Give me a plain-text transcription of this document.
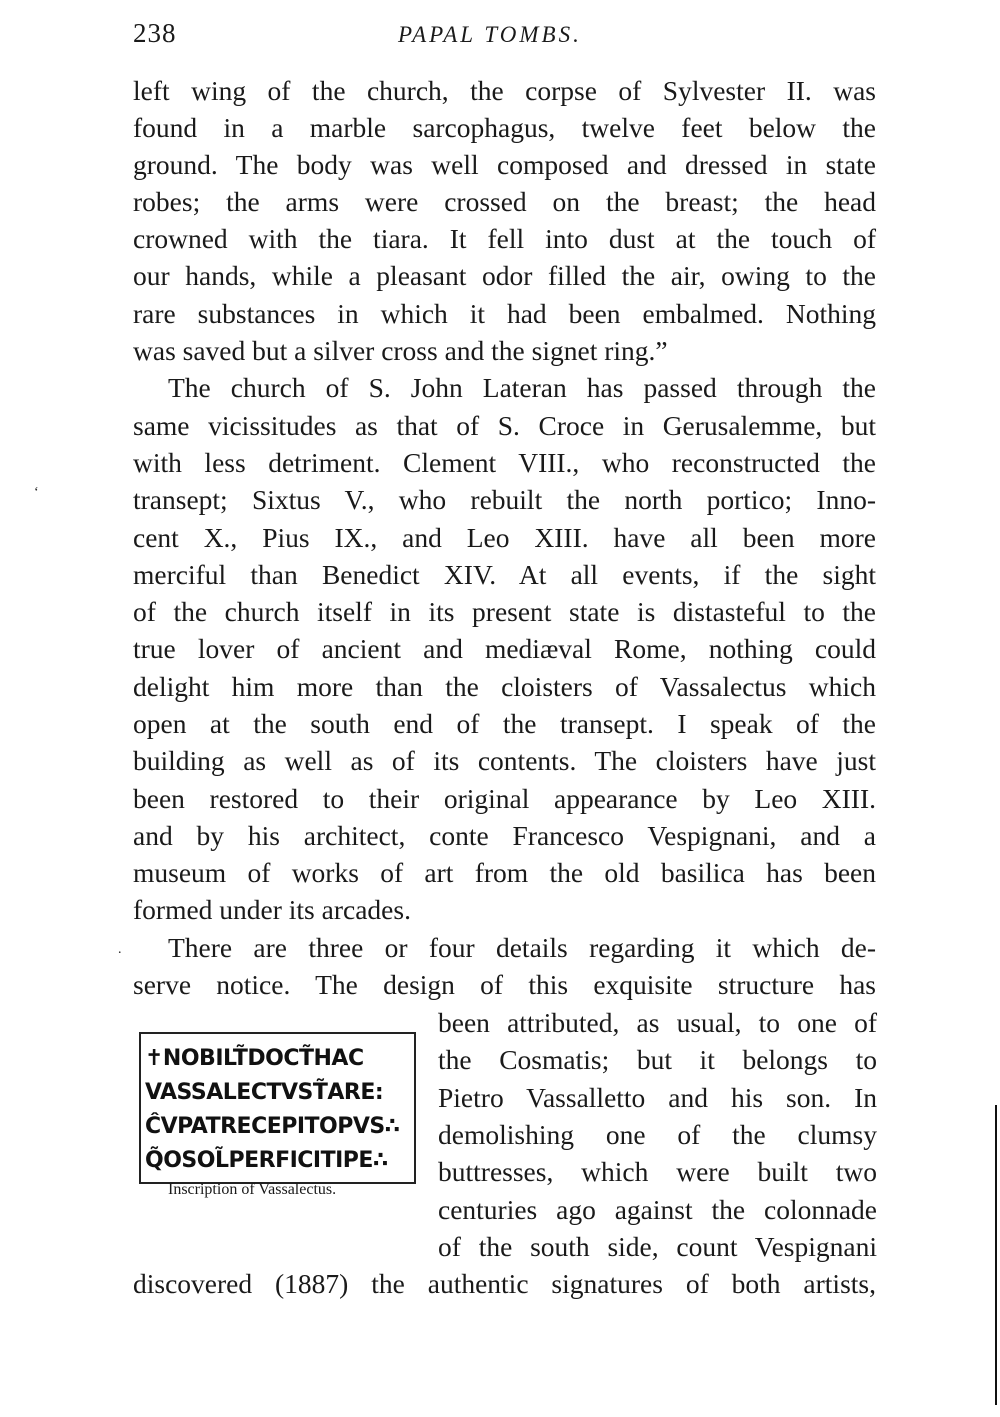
238	PAPAL TOMBS.
‘
.
left wing of the church, the corpse of Sylvester II. was
found in a marble sarcophagus, twelve feet below the
ground. The body was well composed and dressed in state
robes; the arms were crossed on the breast; the head
crowned with the tiara. It fell into dust at the touch of
our hands, while a pleasant odor filled the air, owing to the
rare substances in which it had been embalmed. Nothing
was saved but a silver cross and the signet ring.”
The church of S. John Lateran has passed through the
same vicissitudes as that of S. Croce in Gerusalemme, but
with less detriment. Clement VIII., who reconstructed the
transept; Sixtus V., who rebuilt the north portico; Inno-
cent X., Pius IX., and Leo XIII. have all been more
merciful than Benedict XIV. At all events, if the sight
of the church itself in its present state is distasteful to the
true lover of ancient and mediæval Rome, nothing could
delight him more than the cloisters of Vassalectus which
open at the south end of the transept. I speak of the
building as well as of its contents. The cloisters have just
been restored to their original appearance by Leo XIII.
and by his architect, conte Francesco Vespignani, and a
museum of works of art from the old basilica has been
formed under its arcades.
There are three or four details regarding it which de-
serve notice. The design of this exquisite structure has
been attributed, as usual, to one of
the Cosmatis; but it belongs to
Pietro Vassalletto and his son. In
demolishing one of the clumsy
buttresses, which were built two
centuries ago against the colonnade
of the south side, count Vespignani
discovered (1887) the authentic signatures of both artists,
✝NOBILT̃DOCT̃HAC
VASSALECTVST̃ARE:
ĈVPATRECEPITOPVS∴
Q̃OSOL̃PERFICITIPE∴
Inscription of Vassalectus.
